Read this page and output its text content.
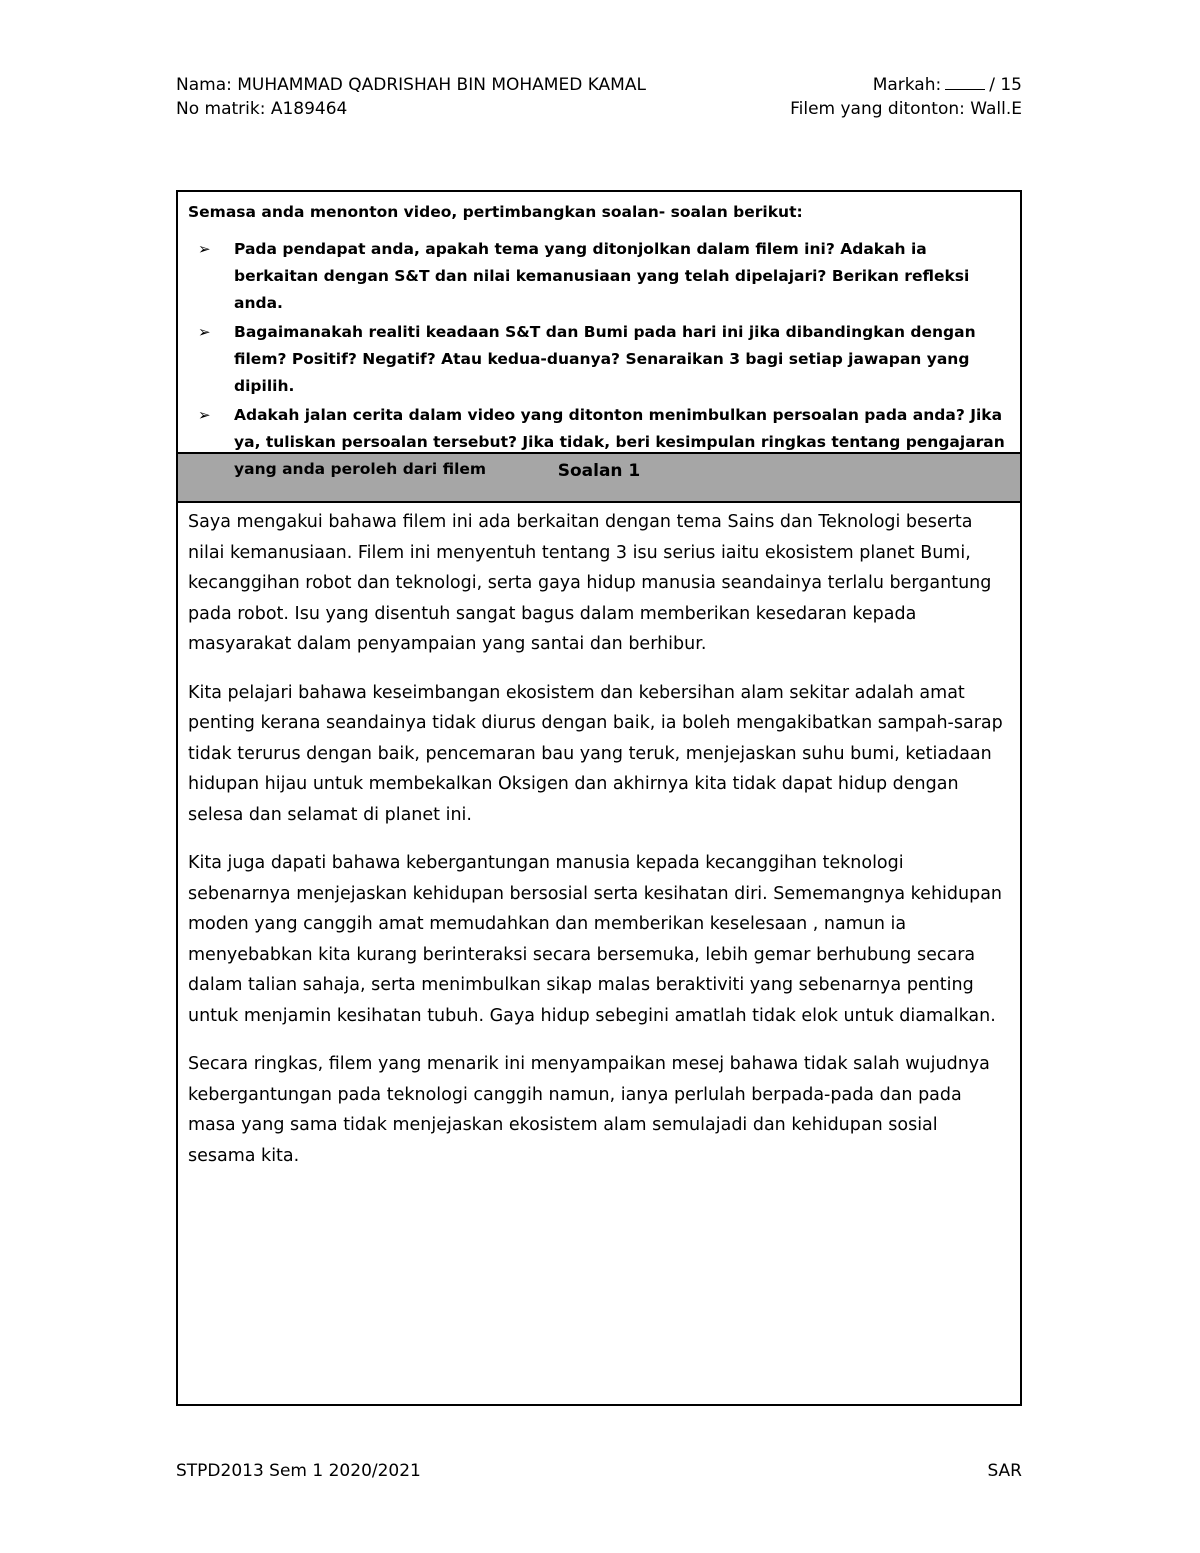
Nama: MUHAMMAD QADRISHAH BIN MOHAMED KAMAL
No matrik: A189464
Markah:	/ 15
Filem yang ditonton: Wall.E
Semasa anda menonton video, pertimbangkan soalan- soalan berikut:
➢ Pada pendapat anda, apakah tema yang ditonjolkan dalam filem ini? Adakah ia berkaitan dengan S&T dan nilai kemanusiaan yang telah dipelajari? Berikan refleksi anda.
➢ Bagaimanakah realiti keadaan S&T dan Bumi pada hari ini jika dibandingkan dengan filem? Positif? Negatif? Atau kedua-duanya? Senaraikan 3 bagi setiap jawapan yang dipilih.
➢ Adakah jalan cerita dalam video yang ditonton menimbulkan persoalan pada anda? Jika ya, tuliskan persoalan tersebut? Jika tidak, beri kesimpulan ringkas tentang pengajaran yang anda peroleh dari filem	Soalan 1

Saya mengakui bahawa filem ini ada berkaitan dengan tema Sains dan Teknologi beserta nilai kemanusiaan. Filem ini menyentuh tentang 3 isu serius iaitu ekosistem planet Bumi, kecanggihan robot dan teknologi, serta gaya hidup manusia seandainya terlalu bergantung pada robot. Isu yang disentuh sangat bagus dalam memberikan kesedaran kepada masyarakat dalam penyampaian yang santai dan berhibur.

Kita pelajari bahawa keseimbangan ekosistem dan kebersihan alam sekitar adalah amat penting kerana seandainya tidak diurus dengan baik, ia boleh mengakibatkan sampah-sarap tidak terurus dengan baik, pencemaran bau yang teruk, menjejaskan suhu bumi, ketiadaan hidupan hijau untuk membekalkan Oksigen dan akhirnya kita tidak dapat hidup dengan selesa dan selamat di planet ini.

Kita juga dapati bahawa kebergantungan manusia kepada kecanggihan teknologi sebenarnya menjejaskan kehidupan bersosial serta kesihatan diri. Sememangnya kehidupan moden yang canggih amat memudahkan dan memberikan keselesaan , namun ia menyebabkan kita kurang berinteraksi secara bersemuka, lebih gemar berhubung secara dalam talian sahaja, serta menimbulkan sikap malas beraktiviti yang sebenarnya penting untuk menjamin kesihatan tubuh. Gaya hidup sebegini amatlah tidak elok untuk diamalkan.

Secara ringkas, filem yang menarik ini menyampaikan mesej bahawa tidak salah wujudnya kebergantungan pada teknologi canggih namun, ianya perlulah berpada-pada dan pada masa yang sama tidak menjejaskan ekosistem alam semulajadi dan kehidupan sosial sesama kita.

STPD2013 Sem 1 2020/2021	SAR
